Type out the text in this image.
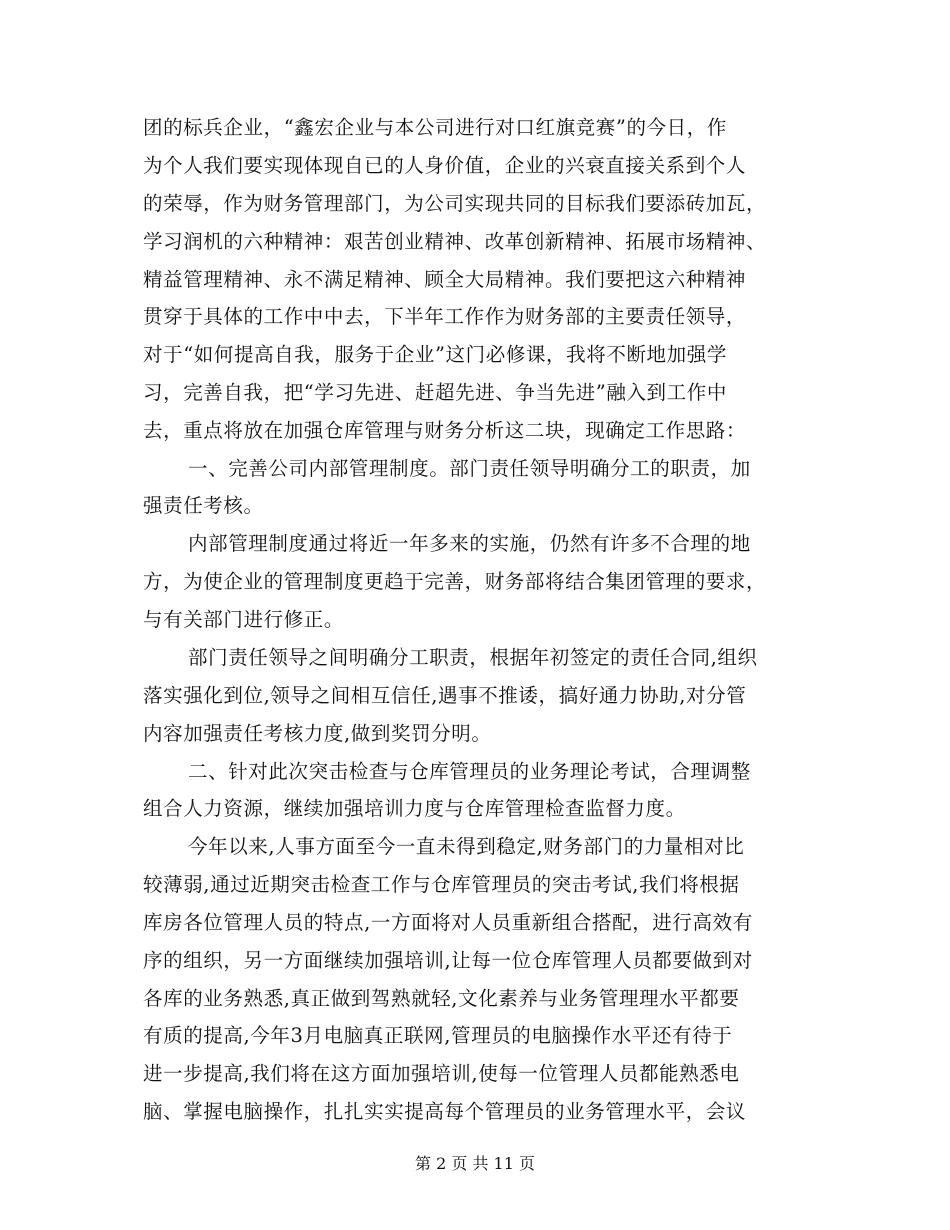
团的标兵企业，“鑫宏企业与本公司进行对口红旗竞赛”的今日，作
为个人我们要实现体现自已的人身价值，企业的兴衰直接关系到个人
的荣辱，作为财务管理部门，为公司实现共同的目标我们要添砖加瓦，
学习润机的六种精神：艰苦创业精神、改革创新精神、拓展市场精神、
精益管理精神、永不满足精神、顾全大局精神。我们要把这六种精神
贯穿于具体的工作中中去，下半年工作作为财务部的主要责任领导，
对于“如何提高自我，服务于企业”这门必修课，我将不断地加强学
习，完善自我，把“学习先进、赶超先进、争当先进”融入到工作中
去，重点将放在加强仓库管理与财务分析这二块，现确定工作思路：
一、完善公司内部管理制度。部门责任领导明确分工的职责，加
强责任考核。
内部管理制度通过将近一年多来的实施，仍然有许多不合理的地
方，为使企业的管理制度更趋于完善，财务部将结合集团管理的要求，
与有关部门进行修正。
部门责任领导之间明确分工职责，根据年初签定的责任合同,组织
落实强化到位,领导之间相互信任,遇事不推诿，搞好通力协助,对分管
内容加强责任考核力度,做到奖罚分明。
二、针对此次突击检查与仓库管理员的业务理论考试，合理调整
组合人力资源，继续加强培训力度与仓库管理检查监督力度。
今年以来,人事方面至今一直未得到稳定,财务部门的力量相对比
较薄弱,通过近期突击检查工作与仓库管理员的突击考试,我们将根据
库房各位管理人员的特点,一方面将对人员重新组合搭配，进行高效有
序的组织，另一方面继续加强培训,让每一位仓库管理人员都要做到对
各库的业务熟悉,真正做到驾熟就轻,文化素养与业务管理理水平都要
有质的提高,今年3月电脑真正联网,管理员的电脑操作水平还有待于
进一步提高,我们将在这方面加强培训,使每一位管理人员都能熟悉电
脑、掌握电脑操作，扎扎实实提高每个管理员的业务管理水平，会议
第 2 页 共 11 页
